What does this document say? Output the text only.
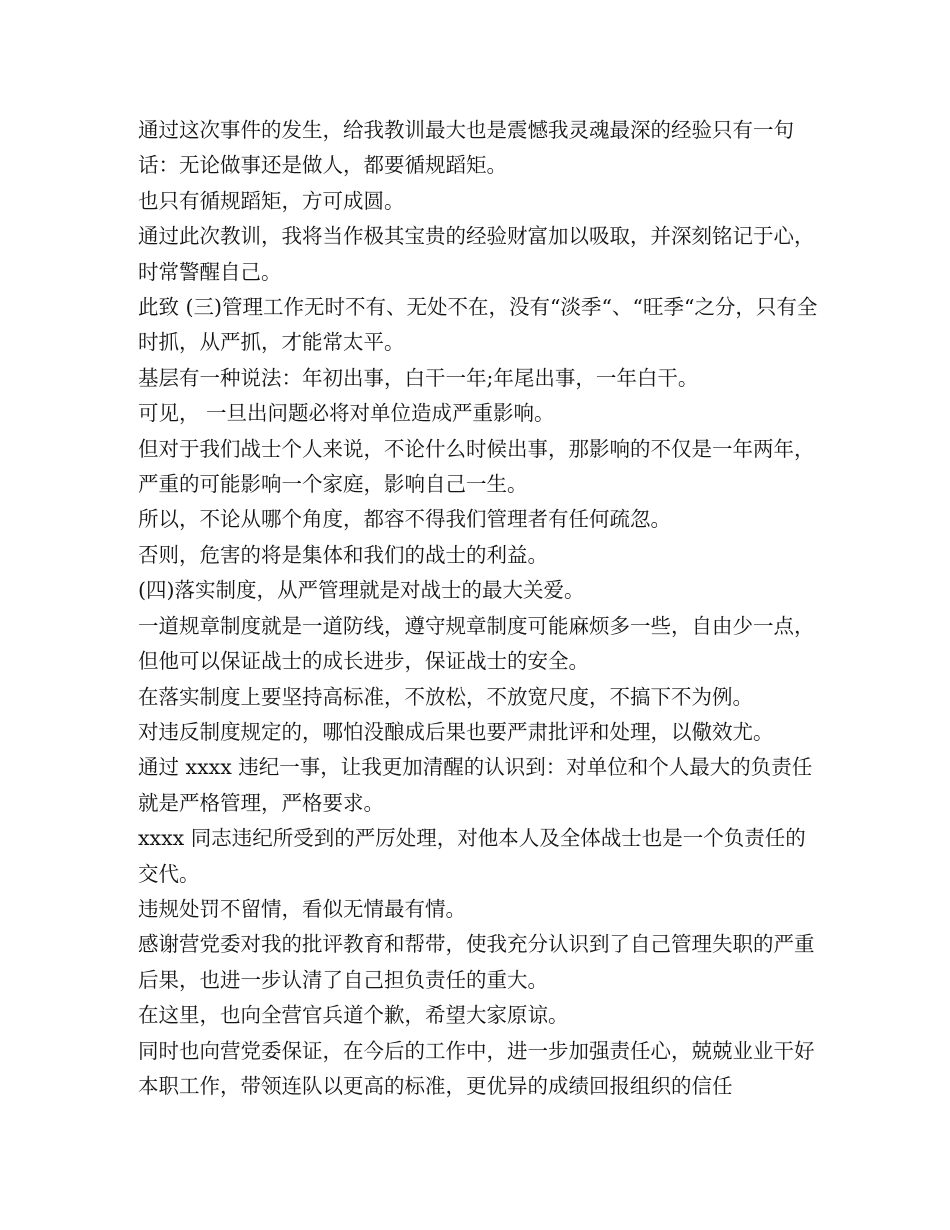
通过这次事件的发生，给我教训最大也是震憾我灵魂最深的经验只有一句话：无论做事还是做人，都要循规蹈矩。

也只有循规蹈矩，方可成圆。

通过此次教训，我将当作极其宝贵的经验财富加以吸取，并深刻铭记于心，时常警醒自己。

此致 (三)管理工作无时不有、无处不在，没有“淡季“、“旺季“之分，只有全时抓，从严抓，才能常太平。

基层有一种说法：年初出事，白干一年;年尾出事，一年白干。

可见， 一旦出问题必将对单位造成严重影响。

但对于我们战士个人来说，不论什么时候出事，那影响的不仅是一年两年，严重的可能影响一个家庭，影响自己一生。

所以，不论从哪个角度，都容不得我们管理者有任何疏忽。

否则，危害的将是集体和我们的战士的利益。

(四)落实制度，从严管理就是对战士的最大关爱。

一道规章制度就是一道防线，遵守规章制度可能麻烦多一些，自由少一点，但他可以保证战士的成长进步，保证战士的安全。

在落实制度上要坚持高标准，不放松，不放宽尺度，不搞下不为例。

对违反制度规定的，哪怕没酿成后果也要严肃批评和处理，以儆效尤。

通过 xxxx 违纪一事，让我更加清醒的认识到：对单位和个人最大的负责任就是严格管理，严格要求。

xxxx 同志违纪所受到的严厉处理，对他本人及全体战士也是一个负责任的交代。

违规处罚不留情，看似无情最有情。

感谢营党委对我的批评教育和帮带，使我充分认识到了自己管理失职的严重后果，也进一步认清了自己担负责任的重大。

在这里，也向全营官兵道个歉，希望大家原谅。

同时也向营党委保证，在今后的工作中，进一步加强责任心，兢兢业业干好本职工作，带领连队以更高的标准，更优异的成绩回报组织的信任
